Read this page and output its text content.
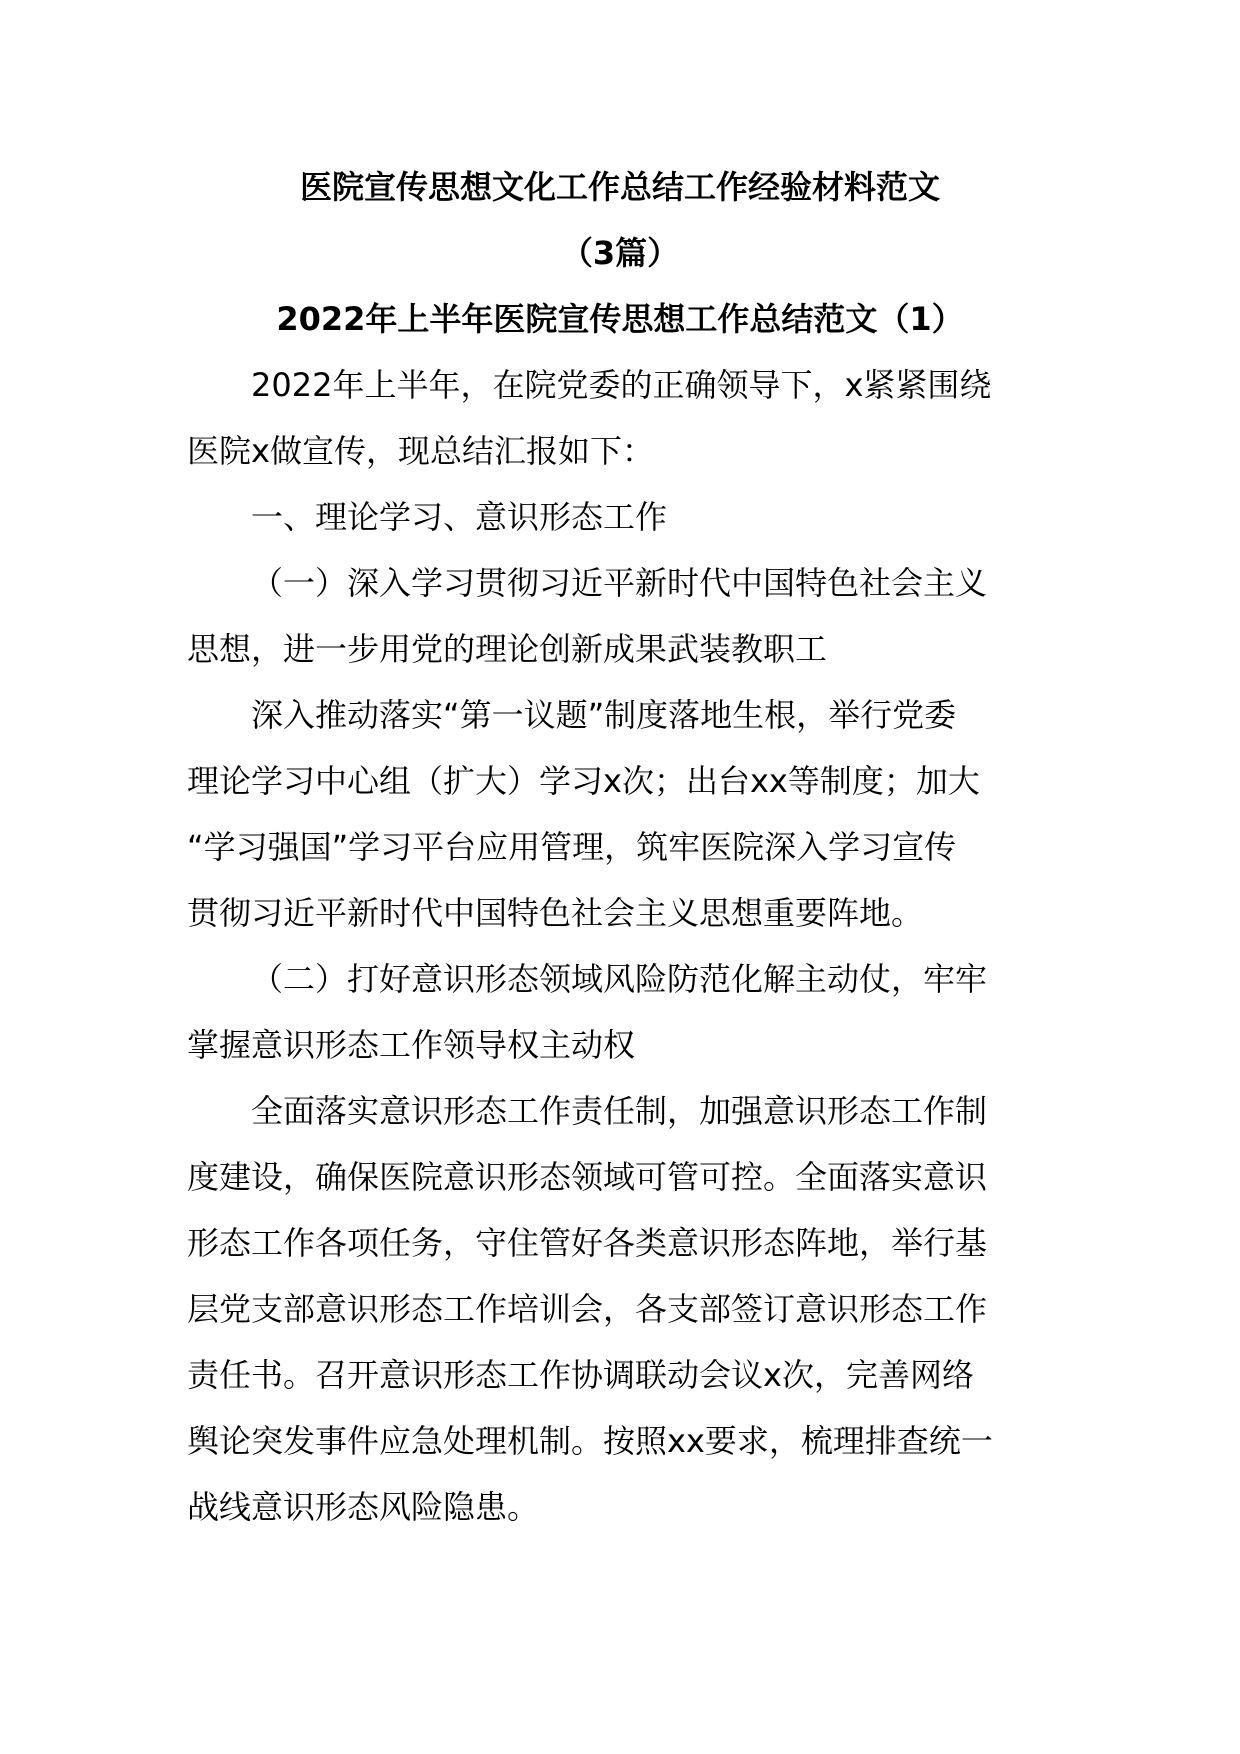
医院宣传思想文化工作总结工作经验材料范文
（3篇）
2022年上半年医院宣传思想工作总结范文（1）
2022年上半年，在院党委的正确领导下，x紧紧围绕
医院x做宣传，现总结汇报如下：
一、理论学习、意识形态工作
（一）深入学习贯彻习近平新时代中国特色社会主义
思想，进一步用党的理论创新成果武装教职工
深入推动落实“第一议题”制度落地生根，举行党委
理论学习中心组（扩大）学习x次；出台xx等制度；加大
“学习强国”学习平台应用管理，筑牢医院深入学习宣传
贯彻习近平新时代中国特色社会主义思想重要阵地。
（二）打好意识形态领域风险防范化解主动仗，牢牢
掌握意识形态工作领导权主动权
全面落实意识形态工作责任制，加强意识形态工作制
度建设，确保医院意识形态领域可管可控。全面落实意识
形态工作各项任务，守住管好各类意识形态阵地，举行基
层党支部意识形态工作培训会，各支部签订意识形态工作
责任书。召开意识形态工作协调联动会议x次，完善网络
舆论突发事件应急处理机制。按照xx要求，梳理排查统一
战线意识形态风险隐患。
